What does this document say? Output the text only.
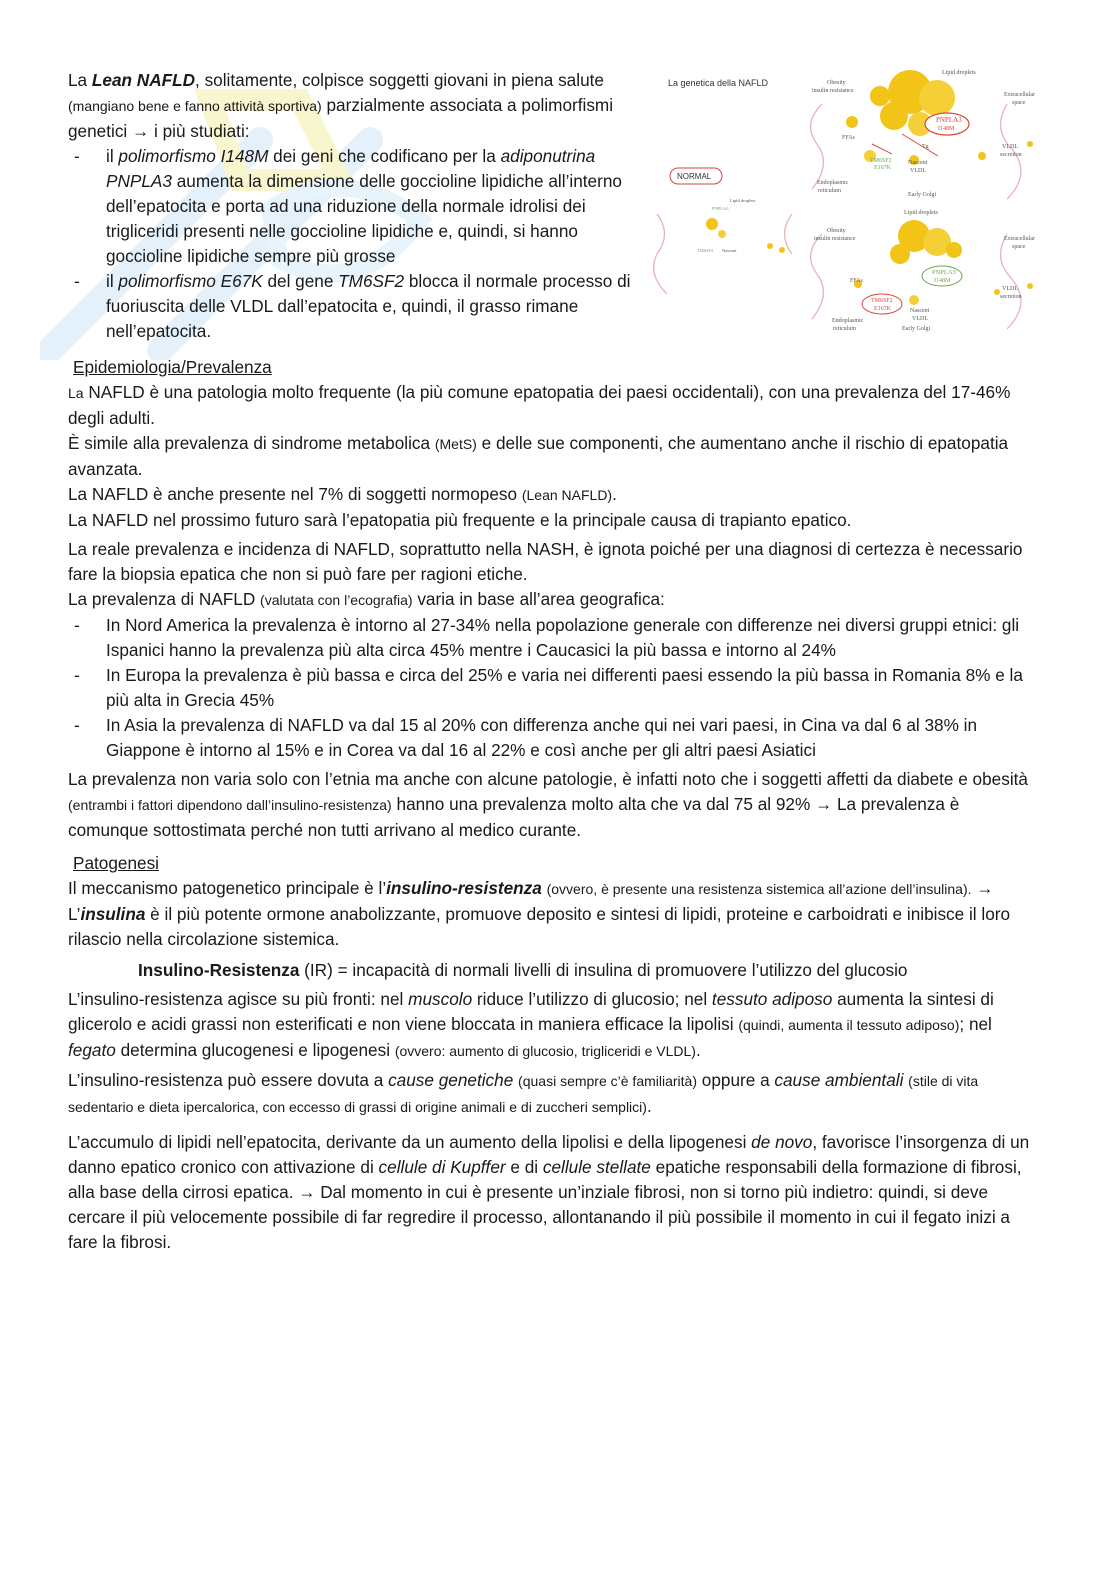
La Lean NAFLD, solitamente, colpisce soggetti giovani in piena salute (mangiano bene e fanno attività sportiva) parzialmente associata a polimorfismi genetici → i più studiati:

- il polimorfismo I148M dei geni che codificano per la adiponutrina PNPLA3 aumenta la dimensione delle goccioline lipidiche all’interno dell’epatocita e porta ad una riduzione della normale idrolisi dei trigliceridi presenti nelle goccioline lipidiche e, quindi, si hanno goccioline lipidiche sempre più grosse

- il polimorfismo E67K del gene TM6SF2 blocca il normale processo di fuoriuscita delle VLDL dall’epatocita e, quindi, il grasso rimane nell’epatocita.

La genetica della NAFLD
PNPLA3
I148M
Lipid droplets
Obesity
insulin resistance
Extracellular
space
FFAs
Tg
TM6SF2
E167K
Nascent
VLDL
VLDL
secretion
Endoplasmic
reticulum
Early Golgi
NORMAL
PNPLA3
Lipid droplets
TM6SF2 Nascent
PNPLA3
I148M
TM6SF2
E167K
Lipid droplets
Obesity
insulin resistance	Extracellular
space
FFAs
Nascent
VLDL
VLDL
secretion
Endoplasmic
reticulum	Early Golgi

Epidemiologia/Prevalenza

La NAFLD è una patologia molto frequente (la più comune epatopatia dei paesi occidentali), con una prevalenza del 17-46% degli adulti.

È simile alla prevalenza di sindrome metabolica (MetS) e delle sue componenti, che aumentano anche il rischio di epatopatia avanzata.

La NAFLD è anche presente nel 7% di soggetti normopeso (Lean NAFLD).

La NAFLD nel prossimo futuro sarà l’epatopatia più frequente e la principale causa di trapianto epatico.

La reale prevalenza e incidenza di NAFLD, soprattutto nella NASH, è ignota poiché per una diagnosi di certezza è necessario fare la biopsia epatica che non si può fare per ragioni etiche.

La prevalenza di NAFLD (valutata con l’ecografia) varia in base all’area geografica:

- In Nord America la prevalenza è intorno al 27-34% nella popolazione generale con differenze nei diversi gruppi etnici: gli Ispanici hanno la prevalenza più alta circa 45% mentre i Caucasici la più bassa e intorno al 24%

- In Europa la prevalenza è più bassa e circa del 25% e varia nei differenti paesi essendo la più bassa in Romania 8% e la più alta in Grecia 45%

- In Asia la prevalenza di NAFLD va dal 15 al 20% con differenza anche qui nei vari paesi, in Cina va dal 6 al 38% in Giappone è intorno al 15% e in Corea va dal 16 al 22% e così anche per gli altri paesi Asiatici

La prevalenza non varia solo con l’etnia ma anche con alcune patologie, è infatti noto che i soggetti affetti da diabete e obesità (entrambi i fattori dipendono dall’insulino-resistenza) hanno una prevalenza molto alta che va dal 75 al 92% → La prevalenza è comunque sottostimata perché non tutti arrivano al medico curante.

Patogenesi

Il meccanismo patogenetico principale è l’insulino-resistenza (ovvero, è presente una resistenza sistemica all’azione dell’insulina). → L’insulina è il più potente ormone anabolizzante, promuove deposito e sintesi di lipidi, proteine e carboidrati e inibisce il loro rilascio nella circolazione sistemica.

Insulino-Resistenza (IR) = incapacità di normali livelli di insulina di promuovere l’utilizzo del glucosio

L’insulino-resistenza agisce su più fronti: nel muscolo riduce l’utilizzo di glucosio; nel tessuto adiposo aumenta la sintesi di glicerolo e acidi grassi non esterificati e non viene bloccata in maniera efficace la lipolisi (quindi, aumenta il tessuto adiposo); nel fegato determina glucogenesi e lipogenesi (ovvero: aumento di glucosio, trigliceridi e VLDL).

L’insulino-resistenza può essere dovuta a cause genetiche (quasi sempre c’è familiarità) oppure a cause ambientali (stile di vita sedentario e dieta ipercalorica, con eccesso di grassi di origine animali e di zuccheri semplici).

L’accumulo di lipidi nell’epatocita, derivante da un aumento della lipolisi e della lipogenesi de novo, favorisce l’insorgenza di un danno epatico cronico con attivazione di cellule di Kupffer e di cellule stellate epatiche responsabili della formazione di fibrosi, alla base della cirrosi epatica. → Dal momento in cui è presente un’inziale fibrosi, non si torno più indietro: quindi, si deve cercare il più velocemente possibile di far regredire il processo, allontanando il più possibile il momento in cui il fegato inizi a fare la fibrosi.
